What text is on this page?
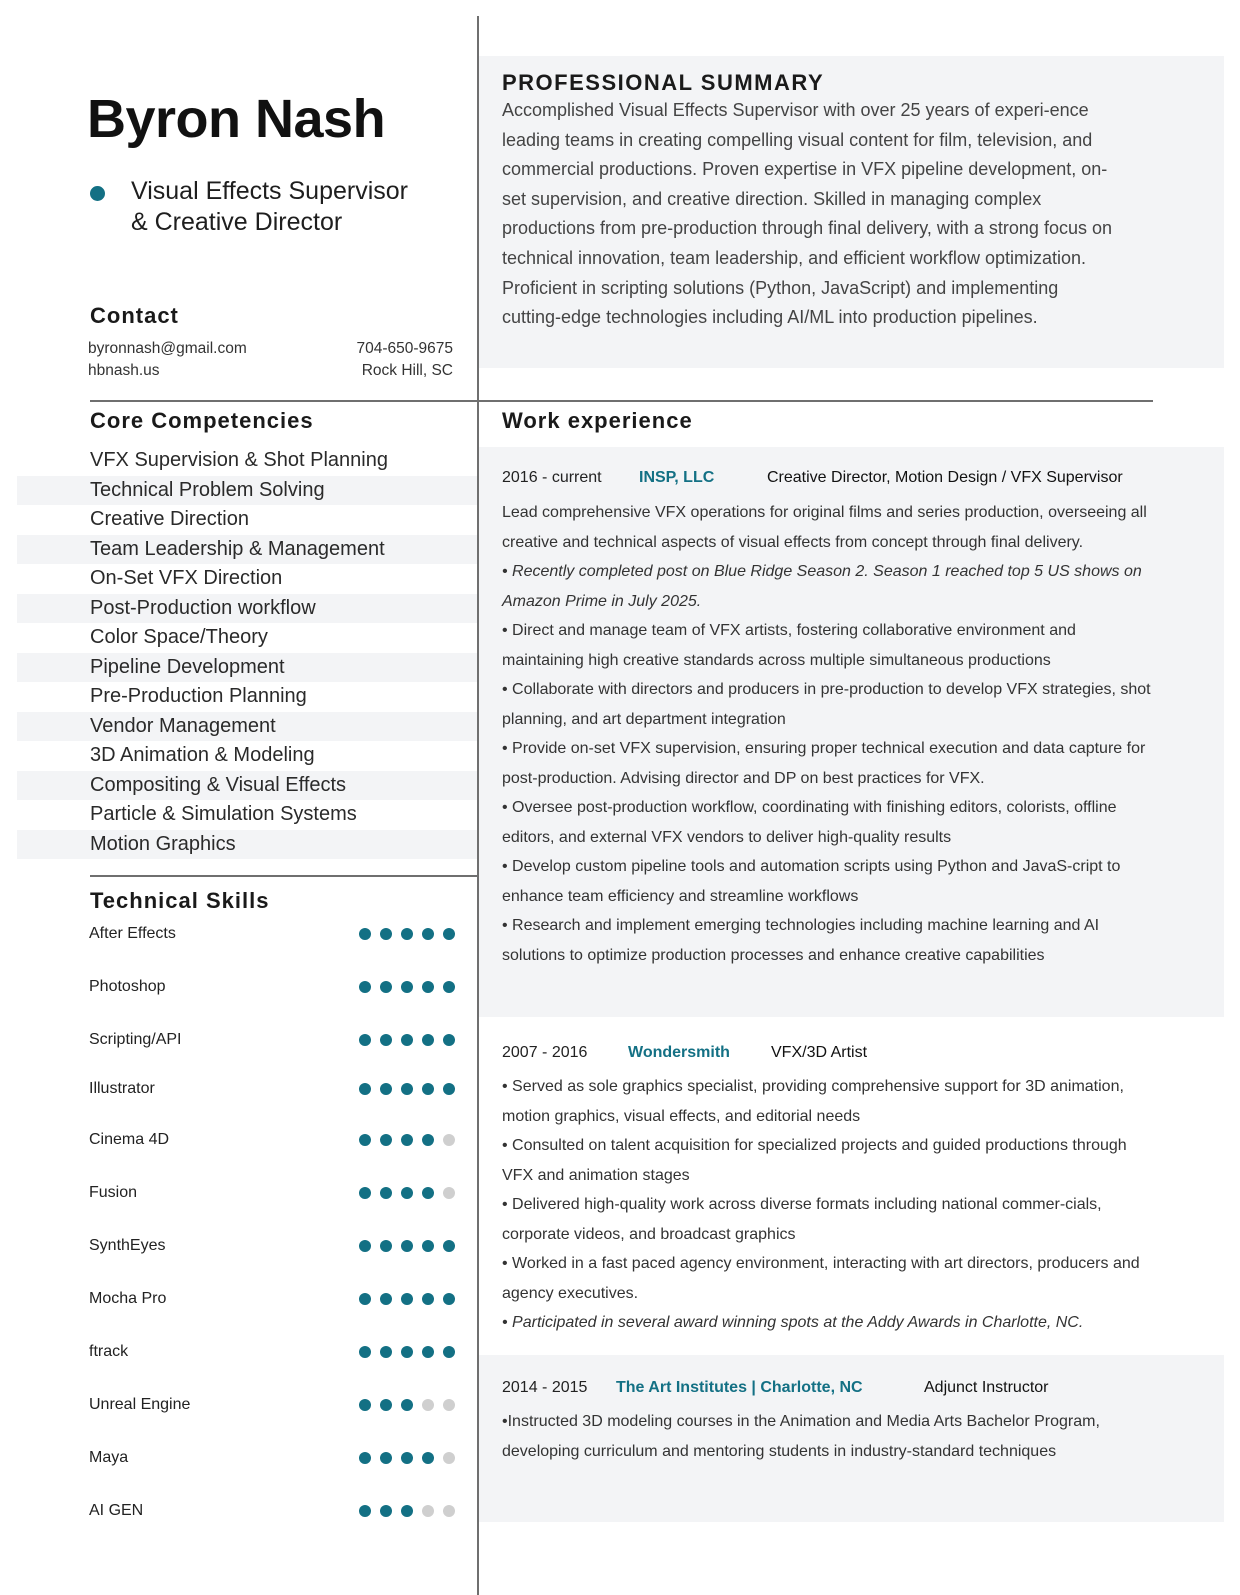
Byron Nash
Visual Effects Supervisor
& Creative Director
Contact
byronnash@gmail.com	704-650-9675
hbnash.us	Rock Hill, SC
Core Competencies
VFX Supervision & Shot Planning
Technical Problem Solving
Creative Direction
Team Leadership & Management
On-Set VFX Direction
Post-Production workflow
Color Space/Theory
Pipeline Development
Pre-Production Planning
Vendor Management
3D Animation & Modeling
Compositing & Visual Effects
Particle & Simulation Systems
Motion Graphics
Technical Skills
After Effects
Photoshop
Scripting/API
Illustrator
Cinema 4D
Fusion
SynthEyes
Mocha Pro
ftrack
Unreal Engine
Maya
AI GEN
PROFESSIONAL SUMMARY
Accomplished Visual Effects Supervisor with over 25 years of experi-ence leading teams in creating compelling visual content for film, television, and commercial productions. Proven expertise in VFX pipeline development, on-set supervision, and creative direction. Skilled in managing complex productions from pre-production through final delivery, with a strong focus on technical innovation, team leadership, and efficient workflow optimization. Proficient in scripting solutions (Python, JavaScript) and implementing cutting-edge technologies including AI/ML into production pipelines.
Work experience
2016 - current	INSP, LLC	Creative Director, Motion Design / VFX Supervisor

Lead comprehensive VFX operations for original films and series production, overseeing all creative and technical aspects of visual effects from concept through final delivery.

• Recently completed post on Blue Ridge Season 2. Season 1 reached top 5 US shows on Amazon Prime in July 2025.

• Direct and manage team of VFX artists, fostering collaborative environment and maintaining high creative standards across multiple simultaneous productions

• Collaborate with directors and producers in pre-production to develop VFX strategies, shot planning, and art department integration

• Provide on-set VFX supervision, ensuring proper technical execution and data capture for post-production. Advising director and DP on best practices for VFX.

• Oversee post-production workflow, coordinating with finishing editors, colorists, offline editors, and external VFX vendors to deliver high-quality results

• Develop custom pipeline tools and automation scripts using Python and JavaS-cript to enhance team efficiency and streamline workflows

• Research and implement emerging technologies including machine learning and AI solutions to optimize production processes and enhance creative capabilities

2007 - 2016	Wondersmith	VFX/3D Artist

• Served as sole graphics specialist, providing comprehensive support for 3D animation, motion graphics, visual effects, and editorial needs

• Consulted on talent acquisition for specialized projects and guided productions through VFX and animation stages

• Delivered high-quality work across diverse formats including national commer-cials, corporate videos, and broadcast graphics

• Worked in a fast paced agency environment, interacting with art directors, producers and agency executives.

• Participated in several award winning spots at the Addy Awards in Charlotte, NC.

2014 - 2015	The Art Institutes | Charlotte, NC	Adjunct Instructor

•Instructed 3D modeling courses in the Animation and Media Arts Bachelor Program, developing curriculum and mentoring students in industry-standard techniques
